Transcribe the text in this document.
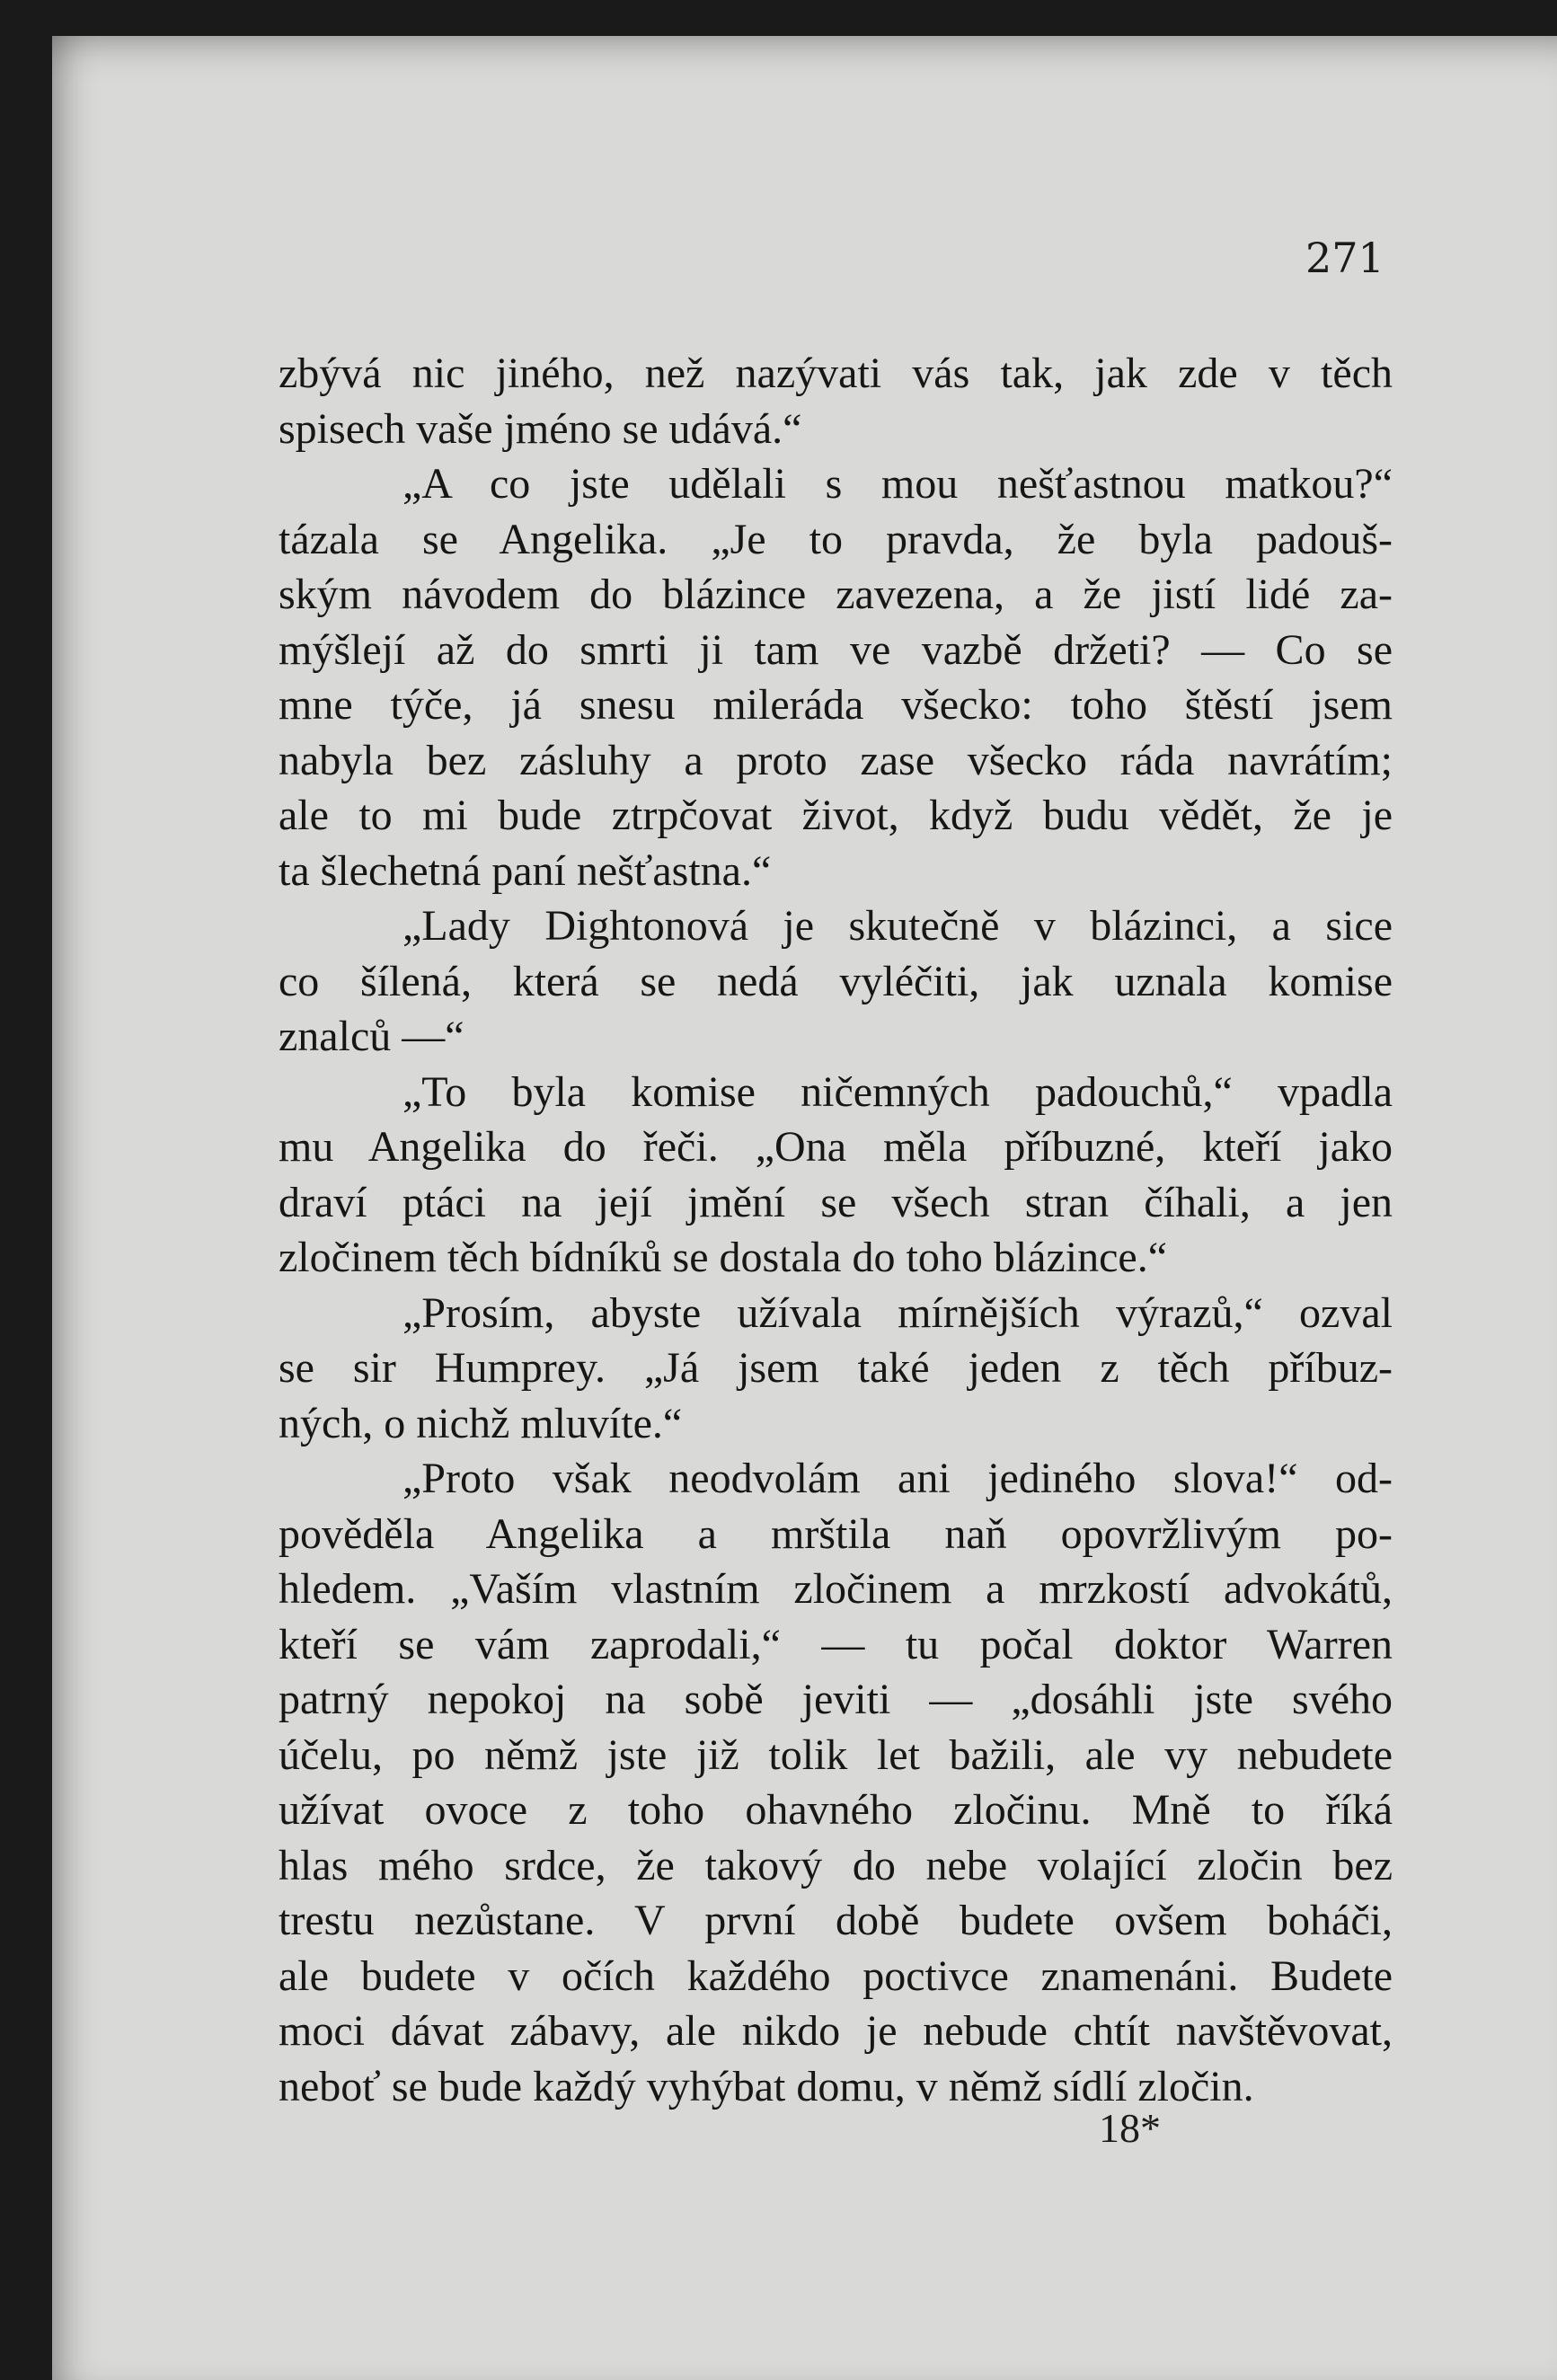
271

zbývá nic jiného, než nazývati vás tak, jak zde v těch
spisech vaše jméno se udává.“

„A co jste udělali s mou nešťastnou matkou?“
tázala se Angelika. „Je to pravda, že byla padouš-
ským návodem do blázince zavezena, a že jistí lidé za-
mýšlejí až do smrti ji tam ve vazbě držeti? — Co se
mne týče, já snesu mileráda všecko: toho štěstí jsem
nabyla bez zásluhy a proto zase všecko ráda navrátím;
ale to mi bude ztrpčovat život, když budu vědět, že je
ta šlechetná paní nešťastna.“

„Lady Dightonová je skutečně v blázinci, a sice
co šílená, která se nedá vyléčiti, jak uznala komise
znalců —“

„To byla komise ničemných padouchů,“ vpadla
mu Angelika do řeči. „Ona měla příbuzné, kteří jako
draví ptáci na její jmění se všech stran číhali, a jen
zločinem těch bídníků se dostala do toho blázince.“

„Prosím, abyste užívala mírnějších výrazů,“ ozval
se sir Humprey. „Já jsem také jeden z těch příbuz-
ných, o nichž mluvíte.“

„Proto však neodvolám ani jediného slova!“ od-
pověděla Angelika a mrštila naň opovržlivým po-
hledem. „Vaším vlastním zločinem a mrzkostí advokátů,
kteří se vám zaprodali,“ — tu počal doktor Warren
patrný nepokoj na sobě jeviti — „dosáhli jste svého
účelu, po němž jste již tolik let bažili, ale vy nebudete
užívat ovoce z toho ohavného zločinu. Mně to říká
hlas mého srdce, že takový do nebe volající zločin bez
trestu nezůstane. V první době budete ovšem boháči,
ale budete v očích každého poctivce znamenáni. Budete
moci dávat zábavy, ale nikdo je nebude chtít navštěvovat,
neboť se bude každý vyhýbat domu, v němž sídlí zločin.

18*
